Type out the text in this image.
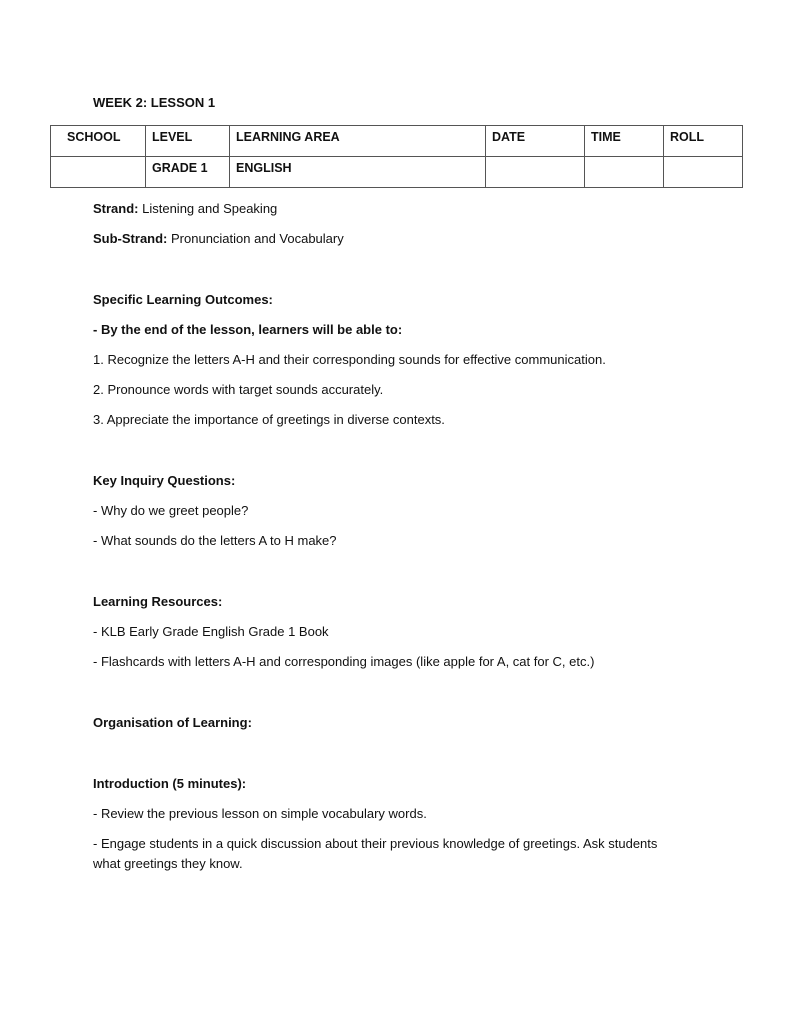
WEEK 2: LESSON 1
SCHOOL	LEVEL	LEARNING AREA	DATE	TIME	ROLL
	GRADE 1	ENGLISH			

Strand: Listening and Speaking

Sub-Strand: Pronunciation and Vocabulary

Specific Learning Outcomes:

- By the end of the lesson, learners will be able to:

1. Recognize the letters A-H and their corresponding sounds for effective communication.

2. Pronounce words with target sounds accurately.

3. Appreciate the importance of greetings in diverse contexts.

Key Inquiry Questions:

- Why do we greet people?

- What sounds do the letters A to H make?

Learning Resources:

- KLB Early Grade English Grade 1 Book

- Flashcards with letters A-H and corresponding images (like apple for A, cat for C, etc.)

Organisation of Learning:

Introduction (5 minutes):

- Review the previous lesson on simple vocabulary words.

- Engage students in a quick discussion about their previous knowledge of greetings. Ask students what greetings they know.
